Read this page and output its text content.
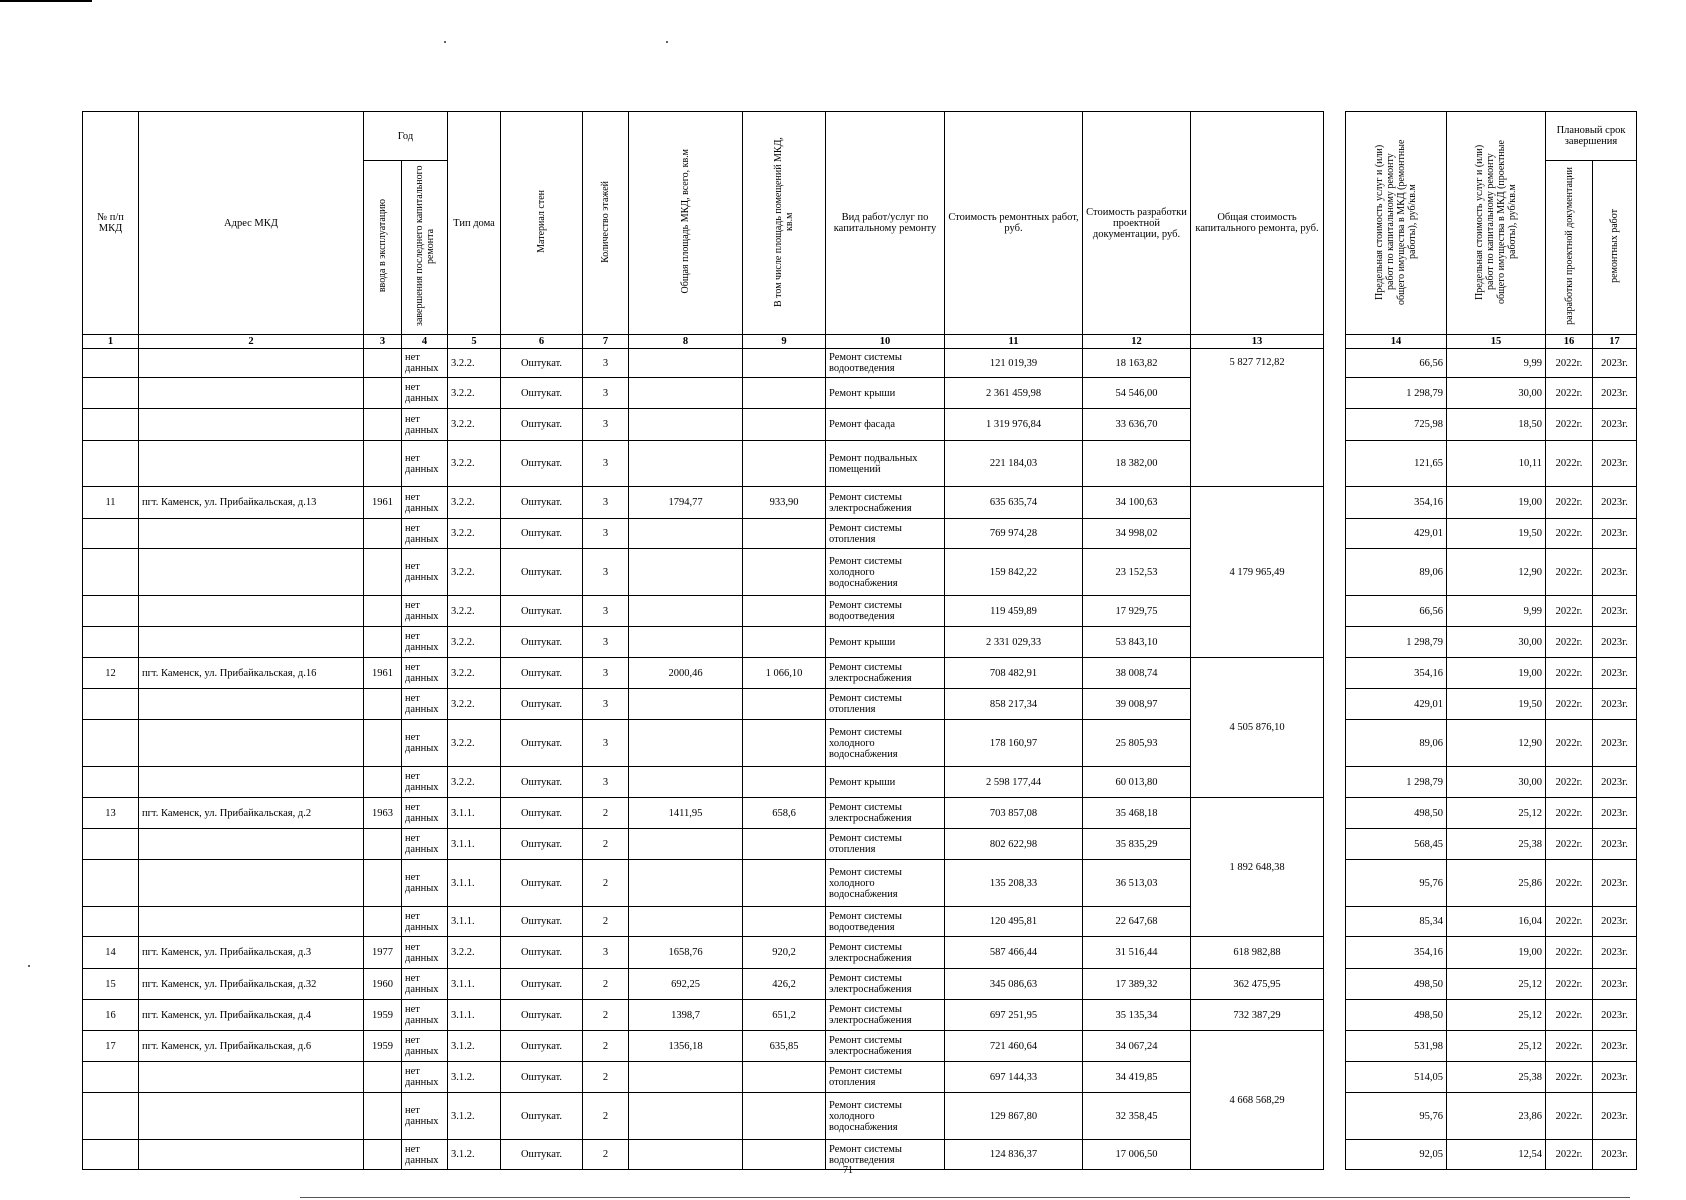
№ п/п МКД	Адрес МКД	Год		Тип дома	Материал стен	Количество этажей	Общая площадь МКД, всего, кв.м	В том числе площадь помещений МКД, кв.м	Вид работ/услуг по капитальному ремонту	Стоимость ремонтных работ, руб.	Стоимость разработки проектной документации, руб.	Общая стоимость капитального ремонта, руб.		Предельная стоимость услуг и (или) работ по капитальному ремонту общего имущества в МКД (ремонтные работы), руб/кв.м	Предельная стоимость услуг и (или) работ по капитальному ремонту общего имущества в МКД (проектные работы), руб/кв.м	Плановый срок завершения	
		ввода в эксплуатацию	завершения последнего капитального ремонта													разработки проектной документации	ремонтных работ
1	2	3	4	5	6	7	8	9	10	11	12	13		14	15	16	17
			нет данных	3.2.2.	Оштукат.	3			Ремонт системы водоотведения	121 019,39	18 163,82	5 827 712,82		66,56	9,99	2022г.	2023г.
			нет данных	3.2.2.	Оштукат.	3			Ремонт крыши	2 361 459,98	54 546,00			1 298,79	30,00	2022г.	2023г.
			нет данных	3.2.2.	Оштукат.	3			Ремонт фасада	1 319 976,84	33 636,70			725,98	18,50	2022г.	2023г.
			нет данных	3.2.2.	Оштукат.	3			Ремонт подвальных помещений	221 184,03	18 382,00			121,65	10,11	2022г.	2023г.
11	пгт. Каменск, ул. Прибайкальская, д.13	1961	нет данных	3.2.2.	Оштукат.	3	1794,77	933,90	Ремонт системы электроснабжения	635 635,74	34 100,63	4 179 965,49		354,16	19,00	2022г.	2023г.
			нет данных	3.2.2.	Оштукат.	3			Ремонт системы отопления	769 974,28	34 998,02			429,01	19,50	2022г.	2023г.
			нет данных	3.2.2.	Оштукат.	3			Ремонт системы холодного водоснабжения	159 842,22	23 152,53			89,06	12,90	2022г.	2023г.
			нет данных	3.2.2.	Оштукат.	3			Ремонт системы водоотведения	119 459,89	17 929,75			66,56	9,99	2022г.	2023г.
			нет данных	3.2.2.	Оштукат.	3			Ремонт крыши	2 331 029,33	53 843,10			1 298,79	30,00	2022г.	2023г.
12	пгт. Каменск, ул. Прибайкальская, д.16	1961	нет данных	3.2.2.	Оштукат.	3	2000,46	1 066,10	Ремонт системы электроснабжения	708 482,91	38 008,74	4 505 876,10		354,16	19,00	2022г.	2023г.
			нет данных	3.2.2.	Оштукат.	3			Ремонт системы отопления	858 217,34	39 008,97			429,01	19,50	2022г.	2023г.
			нет данных	3.2.2.	Оштукат.	3			Ремонт системы холодного водоснабжения	178 160,97	25 805,93			89,06	12,90	2022г.	2023г.
			нет данных	3.2.2.	Оштукат.	3			Ремонт крыши	2 598 177,44	60 013,80			1 298,79	30,00	2022г.	2023г.
13	пгт. Каменск, ул. Прибайкальская, д.2	1963	нет данных	3.1.1.	Оштукат.	2	1411,95	658,6	Ремонт системы электроснабжения	703 857,08	35 468,18	1 892 648,38		498,50	25,12	2022г.	2023г.
			нет данных	3.1.1.	Оштукат.	2			Ремонт системы отопления	802 622,98	35 835,29			568,45	25,38	2022г.	2023г.
			нет данных	3.1.1.	Оштукат.	2			Ремонт системы холодного водоснабжения	135 208,33	36 513,03			95,76	25,86	2022г.	2023г.
			нет данных	3.1.1.	Оштукат.	2			Ремонт системы водоотведения	120 495,81	22 647,68			85,34	16,04	2022г.	2023г.
14	пгт. Каменск, ул. Прибайкальская, д.3	1977	нет данных	3.2.2.	Оштукат.	3	1658,76	920,2	Ремонт системы электроснабжения	587 466,44	31 516,44	618 982,88		354,16	19,00	2022г.	2023г.
15	пгт. Каменск, ул. Прибайкальская, д.32	1960	нет данных	3.1.1.	Оштукат.	2	692,25	426,2	Ремонт системы электроснабжения	345 086,63	17 389,32	362 475,95		498,50	25,12	2022г.	2023г.
16	пгт. Каменск, ул. Прибайкальская, д.4	1959	нет данных	3.1.1.	Оштукат.	2	1398,7	651,2	Ремонт системы электроснабжения	697 251,95	35 135,34	732 387,29		498,50	25,12	2022г.	2023г.
17	пгт. Каменск, ул. Прибайкальская, д.6	1959	нет данных	3.1.2.	Оштукат.	2	1356,18	635,85	Ремонт системы электроснабжения	721 460,64	34 067,24	4 668 568,29		531,98	25,12	2022г.	2023г.
			нет данных	3.1.2.	Оштукат.	2			Ремонт системы отопления	697 144,33	34 419,85			514,05	25,38	2022г.	2023г.
			нет данных	3.1.2.	Оштукат.	2			Ремонт системы холодного водоснабжения	129 867,80	32 358,45			95,76	23,86	2022г.	2023г.
			нет данных	3.1.2.	Оштукат.	2			Ремонт системы водоотведения	124 836,37	17 006,50			92,05	12,54	2022г.	2023г.
71
